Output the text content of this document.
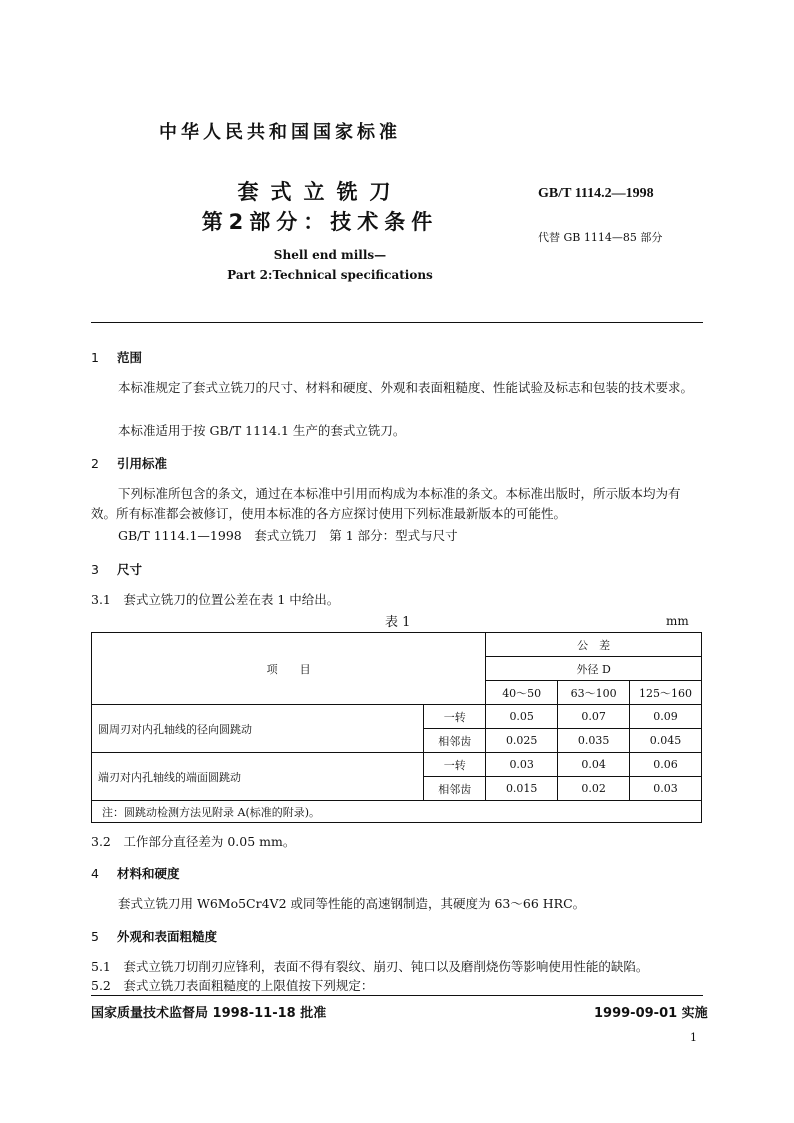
中华人民共和国国家标准
套式立铣刀
第2部分：技术条件
GB/T 1114.2—1998
代替 GB 1114—85 部分
Shell end mills—
Part 2:Technical specifications
1 范围
本标准规定了套式立铣刀的尺寸、材料和硬度、外观和表面粗糙度、性能试验及标志和包装的技术要求。
本标准适用于按 GB/T 1114.1 生产的套式立铣刀。
2 引用标准
下列标准所包含的条文，通过在本标准中引用而构成为本标准的条文。本标准出版时，所示版本均为有效。所有标准都会被修订，使用本标准的各方应探讨使用下列标准最新版本的可能性。
GB/T 1114.1—1998　套式立铣刀　第 1 部分：型式与尺寸
3 尺寸
3.1　套式立铣刀的位置公差在表 1 中给出。
表 1	mm
项　　目		公　差		
		外径 D		
		40～50	63～100	125～160
圆周刃对内孔轴线的径向圆跳动	一转	0.05	0.07	0.09
	相邻齿	0.025	0.035	0.045
端刃对内孔轴线的端面圆跳动	一转	0.03	0.04	0.06
	相邻齿	0.015	0.02	0.03
注：圆跳动检测方法见附录 A(标准的附录)。				
3.2　工作部分直径差为 0.05 mm。
4 材料和硬度
套式立铣刀用 W6Mo5Cr4V2 或同等性能的高速钢制造，其硬度为 63～66 HRC。
5 外观和表面粗糙度
5.1　套式立铣刀切削刃应锋利，表面不得有裂纹、崩刃、钝口以及磨削烧伤等影响使用性能的缺陷。
5.2　套式立铣刀表面粗糙度的上限值按下列规定：
国家质量技术监督局 1998-11-18 批准	1999-09-01 实施
1
